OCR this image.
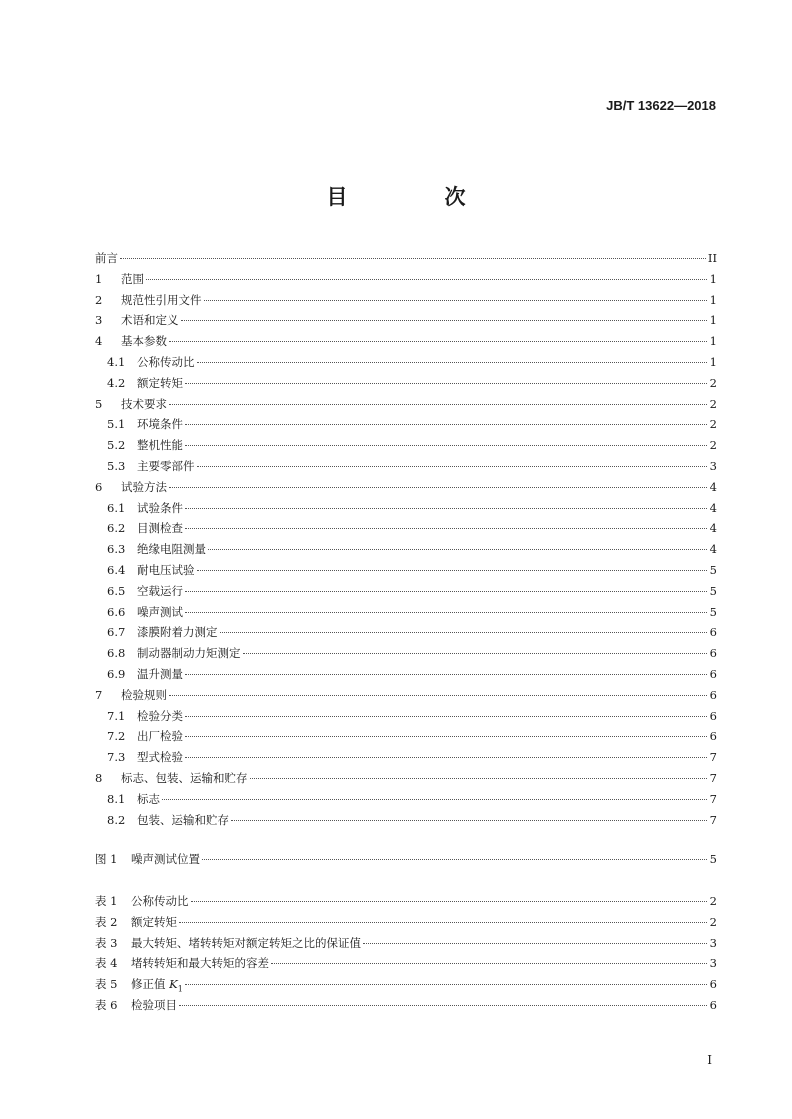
JB/T 13622—2018
目　次
前言	II
1	范围	1
2	规范性引用文件	1
3	术语和定义	1
4	基本参数	1
4.1	公称传动比	1
4.2	额定转矩	2
5	技术要求	2
5.1	环境条件	2
5.2	整机性能	2
5.3	主要零部件	3
6	试验方法	4
6.1	试验条件	4
6.2	目测检查	4
6.3	绝缘电阻测量	4
6.4	耐电压试验	5
6.5	空载运行	5
6.6	噪声测试	5
6.7	漆膜附着力测定	6
6.8	制动器制动力矩测定	6
6.9	温升测量	6
7	检验规则	6
7.1	检验分类	6
7.2	出厂检验	6
7.3	型式检验	7
8	标志、包装、运输和贮存	7
8.1	标志	7
8.2	包装、运输和贮存	7
图 1	噪声测试位置	5
表 1	公称传动比	2
表 2	额定转矩	2
表 3	最大转矩、堵转转矩对额定转矩之比的保证值	3
表 4	堵转转矩和最大转矩的容差	3
表 5	修正值 $K_1$	6
表 6	检验项目	6
I
